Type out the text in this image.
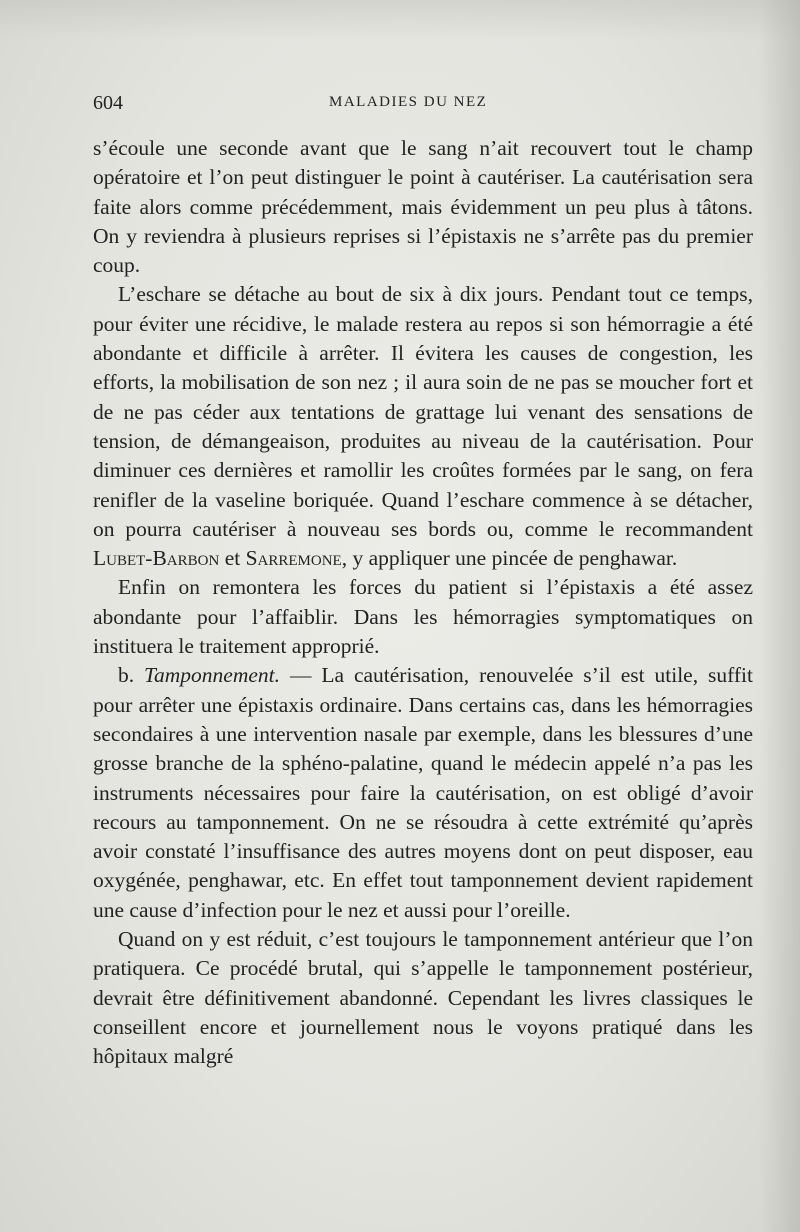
604	MALADIES DU NEZ

s’écoule une seconde avant que le sang n’ait recouvert tout le champ opératoire et l’on peut distinguer le point à cautériser. La cautérisation sera faite alors comme précédemment, mais évidemment un peu plus à tâtons. On y reviendra à plusieurs reprises si l’épistaxis ne s’arrête pas du premier coup.

L’eschare se détache au bout de six à dix jours. Pendant tout ce temps, pour éviter une récidive, le malade restera au repos si son hémorragie a été abondante et difficile à arrêter. Il évitera les causes de congestion, les efforts, la mobilisation de son nez ; il aura soin de ne pas se moucher fort et de ne pas céder aux tentations de grattage lui venant des sensations de tension, de démangeaison, produites au niveau de la cautérisation. Pour diminuer ces dernières et ramollir les croûtes formées par le sang, on fera renifler de la vaseline boriquée. Quand l’eschare commence à se détacher, on pourra cautériser à nouveau ses bords ou, comme le recommandent Lubet-Barbon et Sarremone, y appliquer une pincée de penghawar.

Enfin on remontera les forces du patient si l’épistaxis a été assez abondante pour l’affaiblir. Dans les hémorragies symptomatiques on instituera le traitement approprié.

b. Tamponnement. — La cautérisation, renouvelée s’il est utile, suffit pour arrêter une épistaxis ordinaire. Dans certains cas, dans les hémorragies secondaires à une intervention nasale par exemple, dans les blessures d’une grosse branche de la sphéno-palatine, quand le médecin appelé n’a pas les instruments nécessaires pour faire la cautérisation, on est obligé d’avoir recours au tamponnement. On ne se résoudra à cette extrémité qu’après avoir constaté l’insuffisance des autres moyens dont on peut disposer, eau oxygénée, penghawar, etc. En effet tout tamponnement devient rapidement une cause d’infection pour le nez et aussi pour l’oreille.

Quand on y est réduit, c’est toujours le tamponnement antérieur que l’on pratiquera. Ce procédé brutal, qui s’appelle le tamponnement postérieur, devrait être définitivement abandonné. Cependant les livres classiques le conseillent encore et journellement nous le voyons pratiqué dans les hôpitaux malgré
